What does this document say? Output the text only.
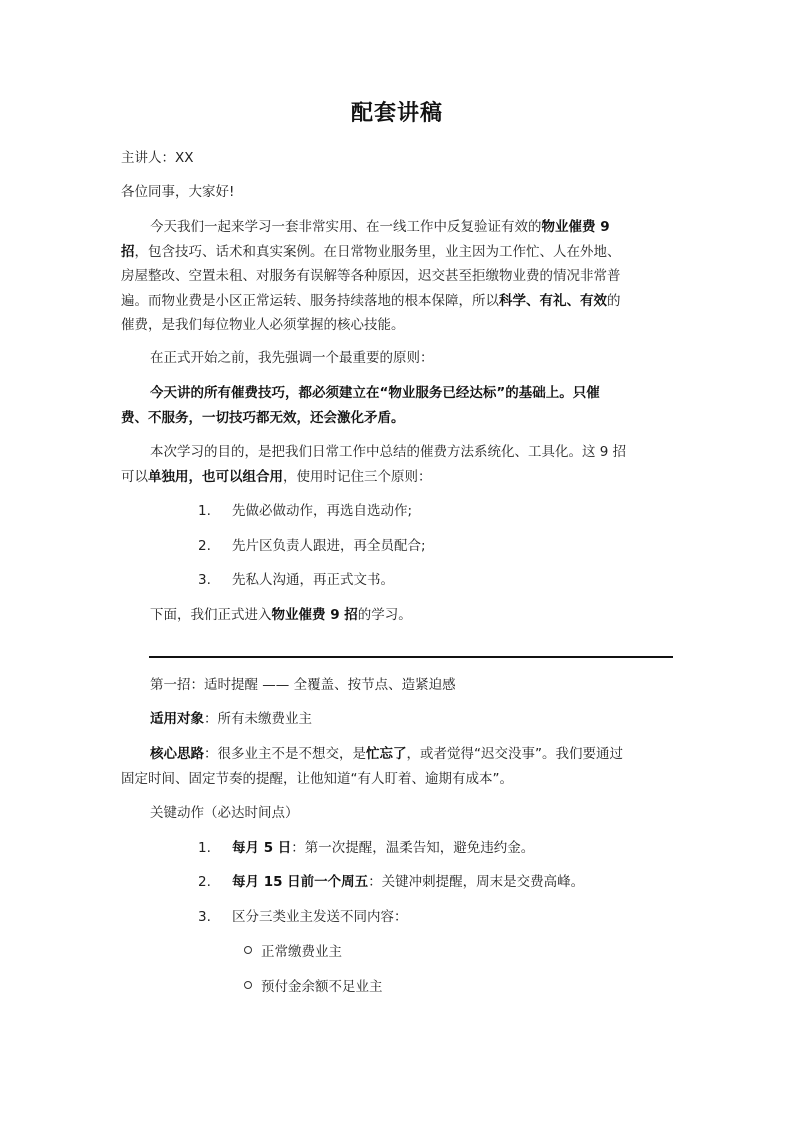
配套讲稿
主讲人：XX
各位同事，大家好!
今天我们一起来学习一套非常实用、在一线工作中反复验证有效的物业催费 9
招，包含技巧、话术和真实案例。在日常物业服务里，业主因为工作忙、人在外地、
房屋整改、空置未租、对服务有误解等各种原因，迟交甚至拒缴物业费的情况非常普
遍。而物业费是小区正常运转、服务持续落地的根本保障，所以科学、有礼、有效的
催费，是我们每位物业人必须掌握的核心技能。
在正式开始之前，我先强调一个最重要的原则：
今天讲的所有催费技巧，都必须建立在“物业服务已经达标”的基础上。只催
费、不服务，一切技巧都无效，还会激化矛盾。
本次学习的目的，是把我们日常工作中总结的催费方法系统化、工具化。这 9 招
可以单独用，也可以组合用，使用时记住三个原则：
1. 先做必做动作，再选自选动作;
2. 先片区负责人跟进，再全员配合;
3. 先私人沟通，再正式文书。
下面，我们正式进入物业催费 9 招的学习。
第一招：适时提醒 —— 全覆盖、按节点、造紧迫感
适用对象：所有未缴费业主
核心思路：很多业主不是不想交，是忙忘了，或者觉得“迟交没事”。我们要通过
固定时间、固定节奏的提醒，让他知道“有人盯着、逾期有成本”。
关键动作（必达时间点）
1. 每月 5 日：第一次提醒，温柔告知，避免违约金。
2. 每月 15 日前一个周五：关键冲刺提醒，周末是交费高峰。
3. 区分三类业主发送不同内容：
正常缴费业主
预付金余额不足业主
